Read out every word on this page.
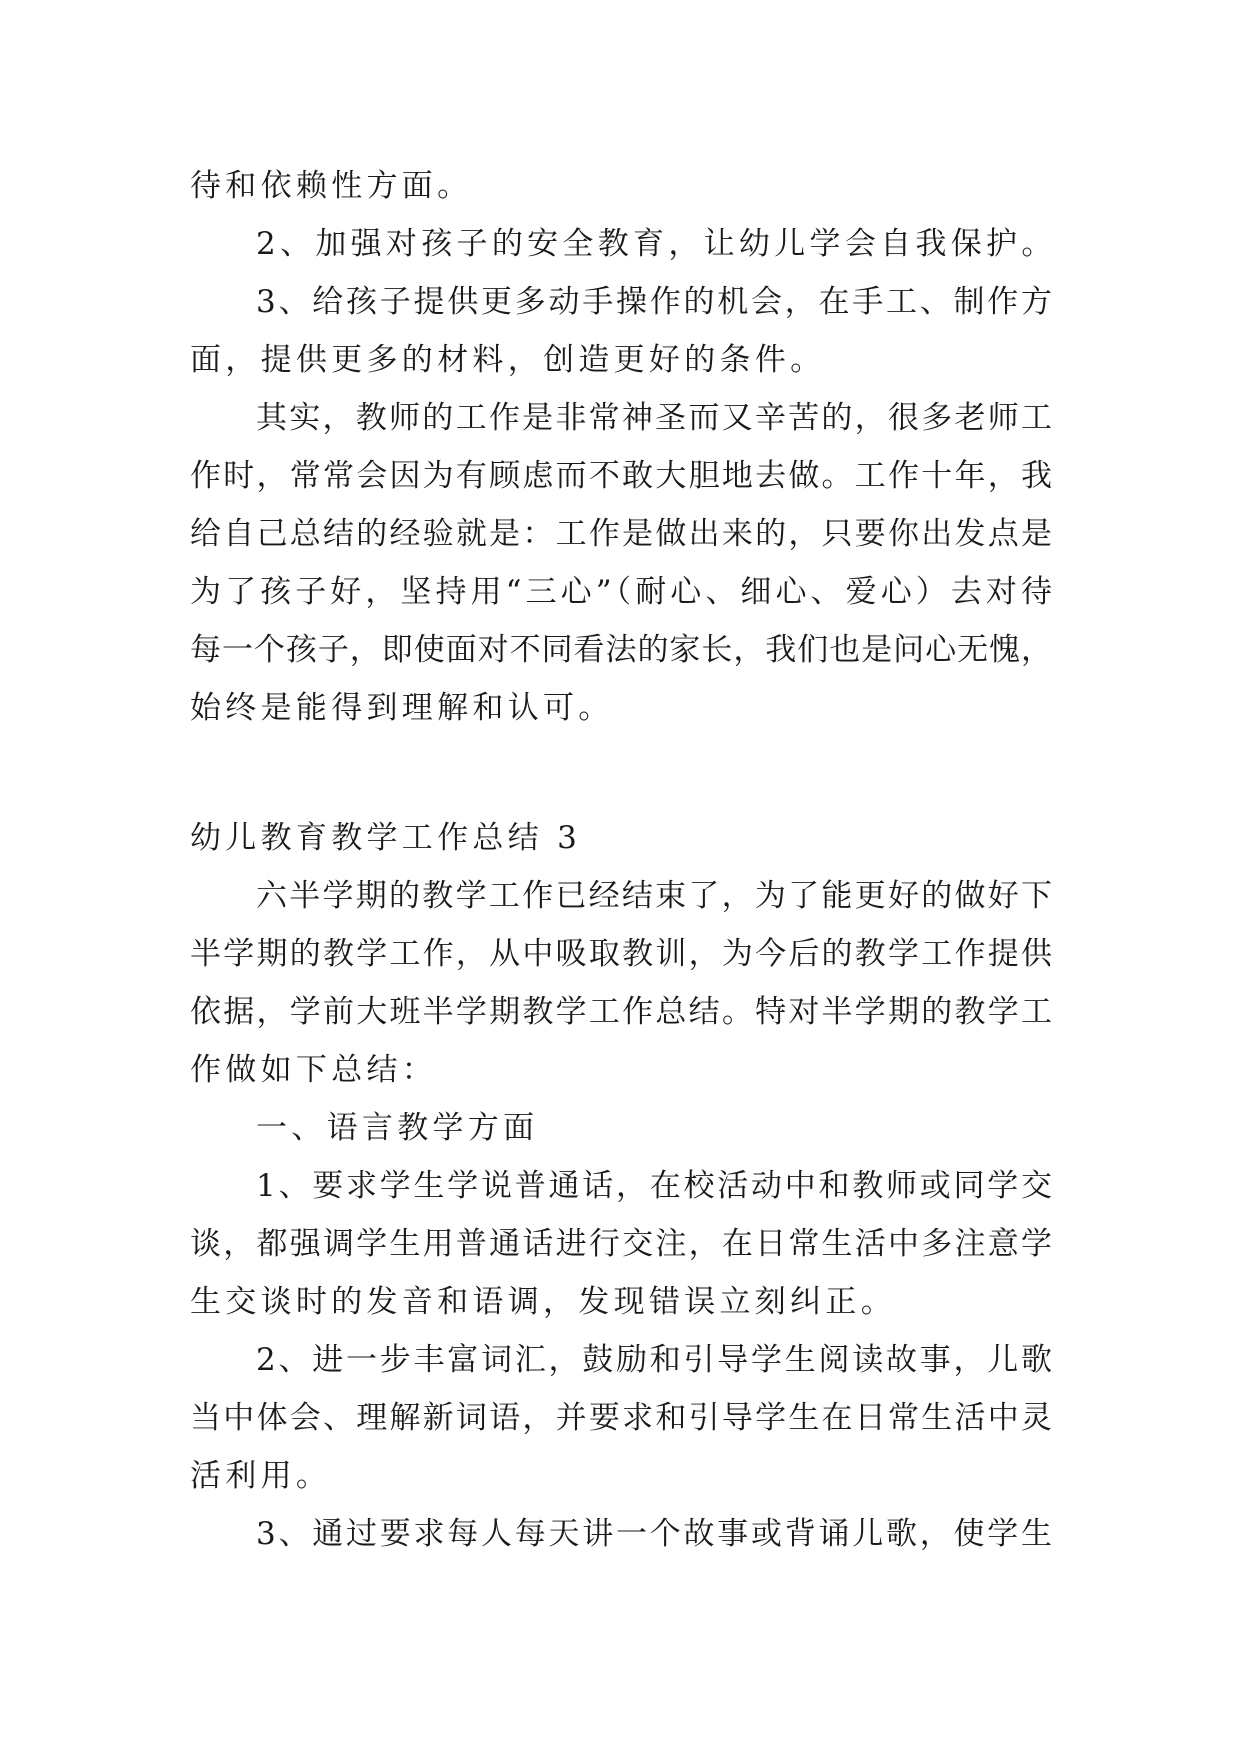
待和依赖性方面。
2、加强对孩子的安全教育，让幼儿学会自我保护。
3、给孩子提供更多动手操作的机会，在手工、制作方
面，提供更多的材料，创造更好的条件。
其实，教师的工作是非常神圣而又辛苦的，很多老师工
作时，常常会因为有顾虑而不敢大胆地去做。工作十年，我
给自己总结的经验就是：工作是做出来的，只要你出发点是
为了孩子好，坚持用“三心”（耐心、细心、爱心）去对待
每一个孩子，即使面对不同看法的家长，我们也是问心无愧，
始终是能得到理解和认可。
幼儿教育教学工作总结 3
六半学期的教学工作已经结束了，为了能更好的做好下
半学期的教学工作，从中吸取教训，为今后的教学工作提供
依据，学前大班半学期教学工作总结。特对半学期的教学工
作做如下总结：
一、语言教学方面
1、要求学生学说普通话，在校活动中和教师或同学交
谈，都强调学生用普通话进行交注，在日常生活中多注意学
生交谈时的发音和语调，发现错误立刻纠正。
2、进一步丰富词汇，鼓励和引导学生阅读故事，儿歌
当中体会、理解新词语，并要求和引导学生在日常生活中灵
活利用。
3、通过要求每人每天讲一个故事或背诵儿歌，使学生
